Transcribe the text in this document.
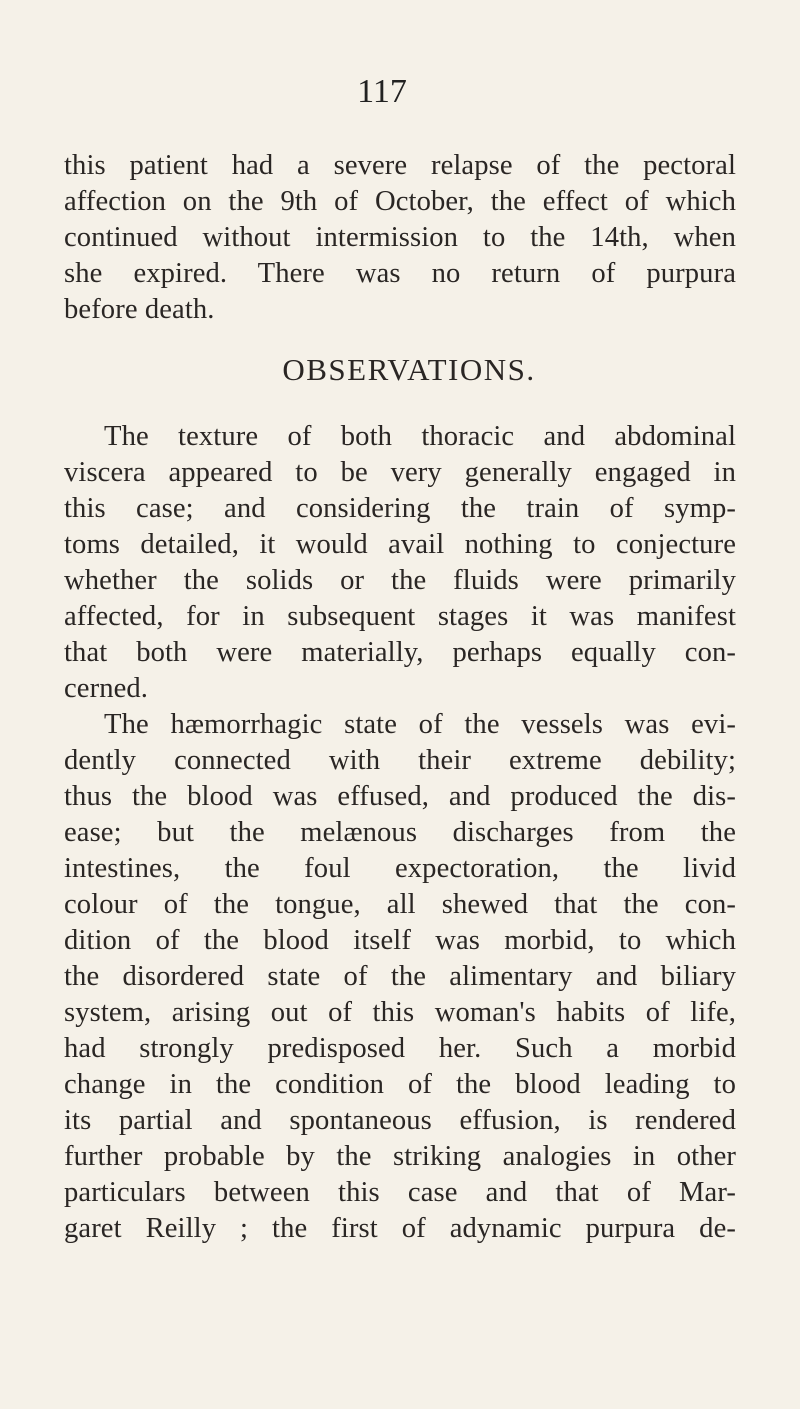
117
this patient had a severe relapse of the pectoral
affection on the 9th of October, the effect of which
continued without intermission to the 14th, when
she expired. There was no return of purpura
before death.
OBSERVATIONS.
The texture of both thoracic and abdominal
viscera appeared to be very generally engaged in
this case; and considering the train of symp-
toms detailed, it would avail nothing to conjecture
whether the solids or the fluids were primarily
affected, for in subsequent stages it was manifest
that both were materially, perhaps equally con-
cerned.
The hæmorrhagic state of the vessels was evi-
dently connected with their extreme debility;
thus the blood was effused, and produced the dis-
ease; but the melænous discharges from the
intestines, the foul expectoration, the livid
colour of the tongue, all shewed that the con-
dition of the blood itself was morbid, to which
the disordered state of the alimentary and biliary
system, arising out of this woman's habits of life,
had strongly predisposed her. Such a morbid
change in the condition of the blood leading to
its partial and spontaneous effusion, is rendered
further probable by the striking analogies in other
particulars between this case and that of Mar-
garet Reilly ; the first of adynamic purpura de-
